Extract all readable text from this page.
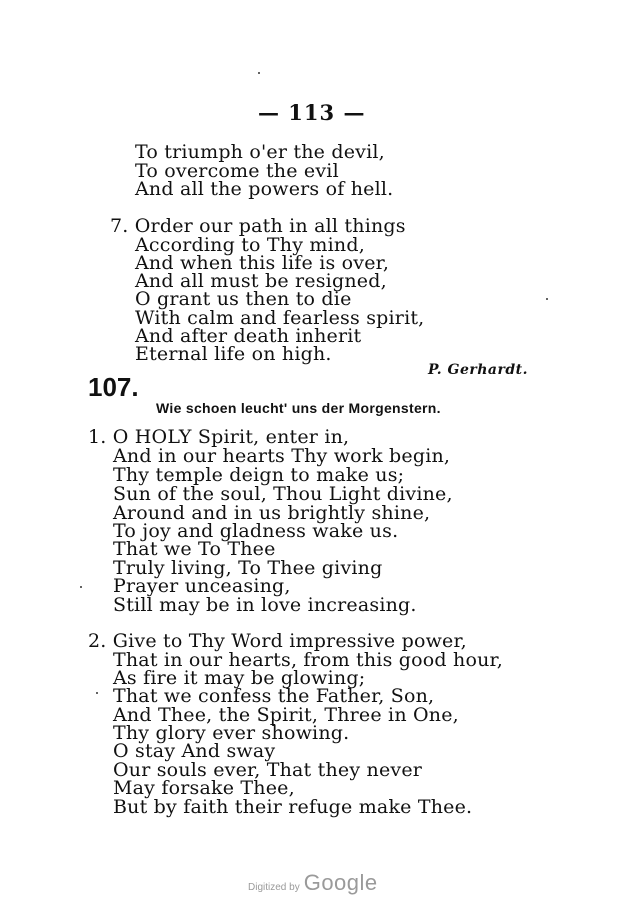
— 113 —
To triumph o'er the devil,
To overcome the evil
And all the powers of hell.
7. Order our path in all things
According to Thy mind,
And when this life is over,
And all must be resigned,
O grant us then to die
With calm and fearless spirit,
And after death inherit
Eternal life on high.
P. Gerhardt.
107.
Wie schoen leucht' uns der Morgenstern.
1. O HOLY Spirit, enter in,
And in our hearts Thy work begin,
Thy temple deign to make us;
Sun of the soul, Thou Light divine,
Around and in us brightly shine,
To joy and gladness wake us.
That we To Thee
Truly living, To Thee giving
Prayer unceasing,
Still may be in love increasing.
2. Give to Thy Word impressive power,
That in our hearts, from this good hour,
As fire it may be glowing;
That we confess the Father, Son,
And Thee, the Spirit, Three in One,
Thy glory ever showing.
O stay And sway
Our souls ever, That they never
May forsake Thee,
But by faith their refuge make Thee.
Digitized by Google
